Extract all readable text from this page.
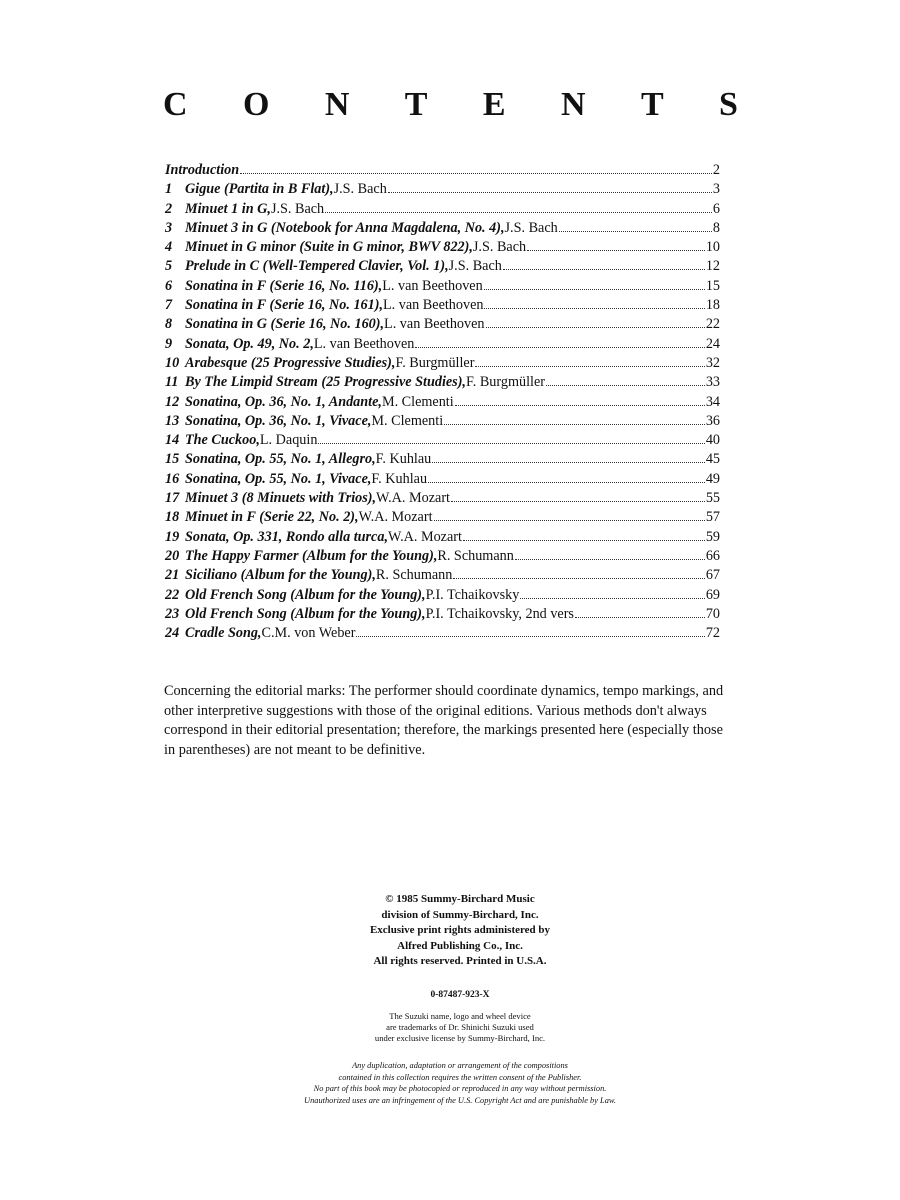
C O N T E N T S
Introduction	2
1 Gigue (Partita in B Flat), J.S. Bach	3
2 Minuet 1 in G, J.S. Bach	6
3 Minuet 3 in G (Notebook for Anna Magdalena, No. 4), J.S. Bach	8
4 Minuet in G minor (Suite in G minor, BWV 822), J.S. Bach	10
5 Prelude in C (Well-Tempered Clavier, Vol. 1), J.S. Bach	12
6 Sonatina in F (Serie 16, No. 116), L. van Beethoven	15
7 Sonatina in F (Serie 16, No. 161), L. van Beethoven	18
8 Sonatina in G (Serie 16, No. 160), L. van Beethoven	22
9 Sonata, Op. 49, No. 2, L. van Beethoven	24
10 Arabesque (25 Progressive Studies), F. Burgmüller	32
11 By The Limpid Stream (25 Progressive Studies), F. Burgmüller	33
12 Sonatina, Op. 36, No. 1, Andante, M. Clementi	34
13 Sonatina, Op. 36, No. 1, Vivace, M. Clementi	36
14 The Cuckoo, L. Daquin	40
15 Sonatina, Op. 55, No. 1, Allegro, F. Kuhlau	45
16 Sonatina, Op. 55, No. 1, Vivace, F. Kuhlau	49
17 Minuet 3 (8 Minuets with Trios), W.A. Mozart	55
18 Minuet in F (Serie 22, No. 2), W.A. Mozart	57
19 Sonata, Op. 331, Rondo alla turca, W.A. Mozart	59
20 The Happy Farmer (Album for the Young), R. Schumann	66
21 Siciliano (Album for the Young), R. Schumann	67
22 Old French Song (Album for the Young), P.I. Tchaikovsky	69
23 Old French Song (Album for the Young), P.I. Tchaikovsky, 2nd vers	70
24 Cradle Song, C.M. von Weber	72

Concerning the editorial marks: The performer should coordinate dynamics, tempo markings, and other interpretive suggestions with those of the original editions. Various methods don't always correspond in their editorial presentation; therefore, the markings presented here (especially those in parentheses) are not meant to be definitive.

© 1985 Summy-Birchard Music
division of Summy-Birchard, Inc.
Exclusive print rights administered by
Alfred Publishing Co., Inc.
All rights reserved. Printed in U.S.A.
0-87487-923-X
The Suzuki name, logo and wheel device
are trademarks of Dr. Shinichi Suzuki used
under exclusive license by Summy-Birchard, Inc.
Any duplication, adaptation or arrangement of the compositions
contained in this collection requires the written consent of the Publisher.
No part of this book may be photocopied or reproduced in any way without permission.
Unauthorized uses are an infringement of the U.S. Copyright Act and are punishable by Law.
